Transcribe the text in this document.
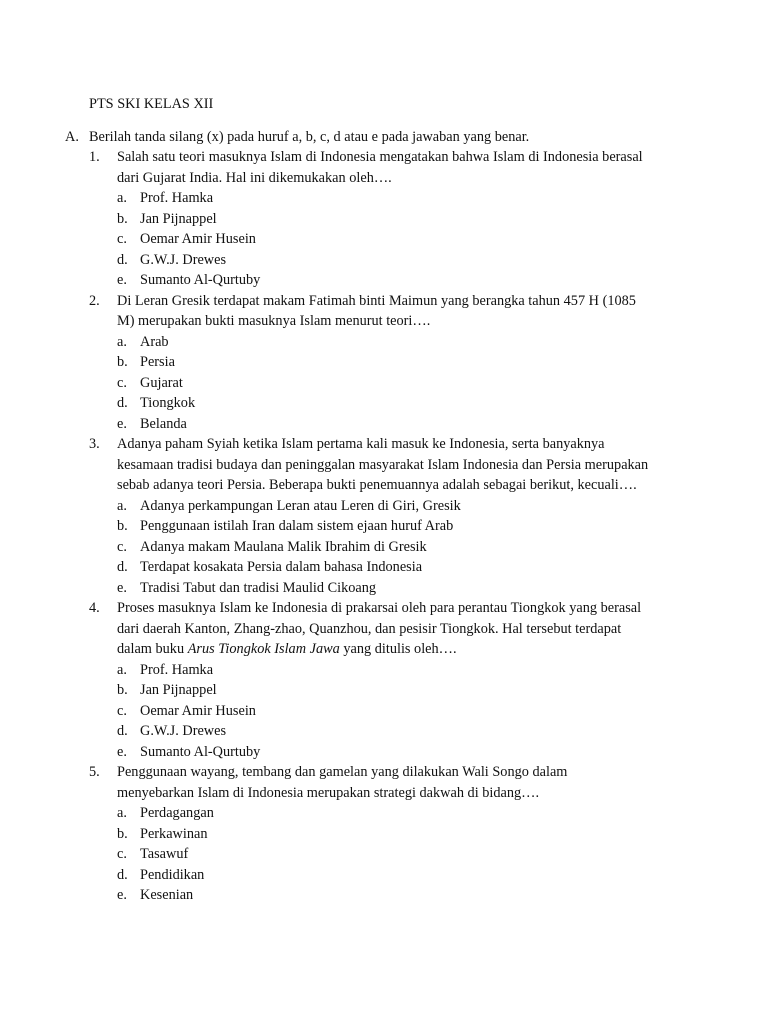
PTS SKI KELAS XII
A. Berilah tanda silang (x) pada huruf a, b, c, d atau e pada jawaban yang benar.
1. Salah satu teori masuknya Islam di Indonesia mengatakan bahwa Islam di Indonesia berasal
dari Gujarat India. Hal ini dikemukakan oleh….
a. Prof. Hamka
b. Jan Pijnappel
c. Oemar Amir Husein
d. G.W.J. Drewes
e. Sumanto Al-Qurtuby
2. Di Leran Gresik terdapat makam Fatimah binti Maimun yang berangka tahun 457 H (1085
M) merupakan bukti masuknya Islam menurut teori….
a. Arab
b. Persia
c. Gujarat
d. Tiongkok
e. Belanda
3. Adanya paham Syiah ketika Islam pertama kali masuk ke Indonesia, serta banyaknya
kesamaan tradisi budaya dan peninggalan masyarakat Islam Indonesia dan Persia merupakan
sebab adanya teori Persia. Beberapa bukti penemuannya adalah sebagai berikut, kecuali….
a. Adanya perkampungan Leran atau Leren di Giri, Gresik
b. Penggunaan istilah Iran dalam sistem ejaan huruf Arab
c. Adanya makam Maulana Malik Ibrahim di Gresik
d. Terdapat kosakata Persia dalam bahasa Indonesia
e. Tradisi Tabut dan tradisi Maulid Cikoang
4. Proses masuknya Islam ke Indonesia di prakarsai oleh para perantau Tiongkok yang berasal
dari daerah Kanton, Zhang-zhao, Quanzhou, dan pesisir Tiongkok. Hal tersebut terdapat
dalam buku Arus Tiongkok Islam Jawa yang ditulis oleh….
a. Prof. Hamka
b. Jan Pijnappel
c. Oemar Amir Husein
d. G.W.J. Drewes
e. Sumanto Al-Qurtuby
5. Penggunaan wayang, tembang dan gamelan yang dilakukan Wali Songo dalam
menyebarkan Islam di Indonesia merupakan strategi dakwah di bidang….
a. Perdagangan
b. Perkawinan
c. Tasawuf
d. Pendidikan
e. Kesenian
